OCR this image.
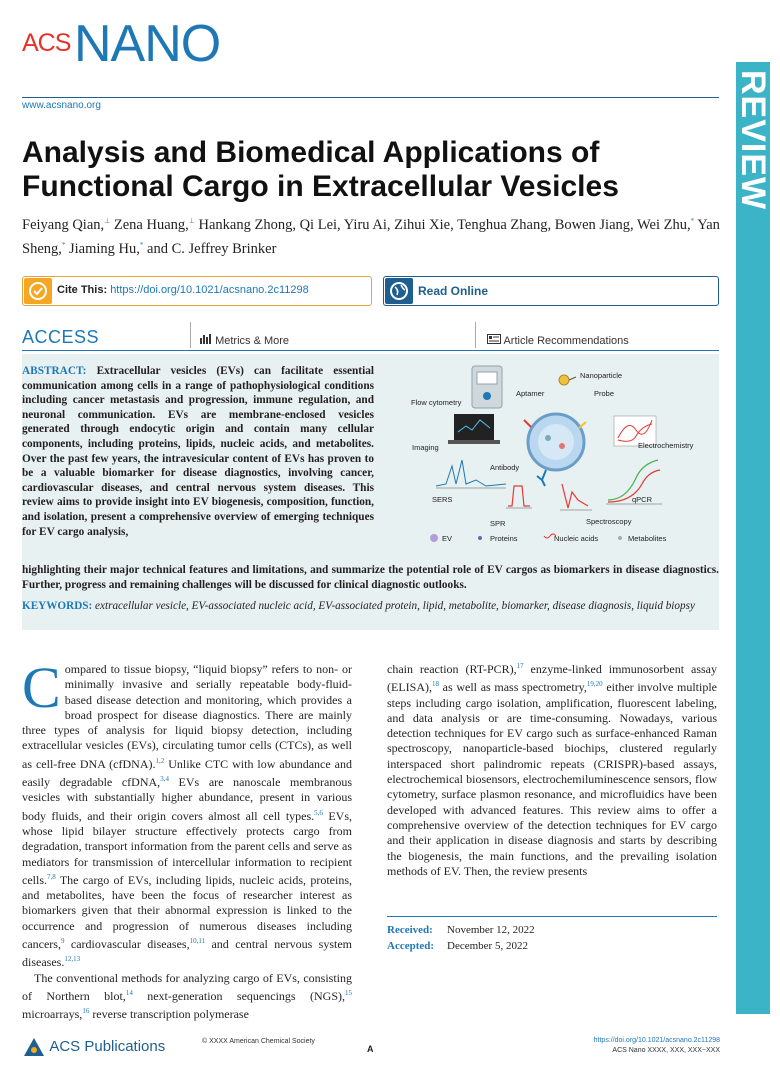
ACS NANO
www.acsnano.org	REVIEW
Analysis and Biomedical Applications of Functional Cargo in Extracellular Vesicles
Feiyang Qian,⊥ Zena Huang,⊥ Hankang Zhong, Qi Lei, Yiru Ai, Zihui Xie, Tenghua Zhang, Bowen Jiang, Wei Zhu,* Yan Sheng,* Jiaming Hu,* and C. Jeffrey Brinker
Cite This: https://doi.org/10.1021/acsnano.2c11298	Read Online
ACCESS	Metrics & More	Article Recommendations
ABSTRACT: Extracellular vesicles (EVs) can facilitate essential communication among cells in a range of pathophysiological conditions including cancer metastasis and progression, immune regulation, and neuronal communication. EVs are membrane-enclosed vesicles generated through endocytic origin and contain many cellular components, including proteins, lipids, nucleic acids, and metabolites. Over the past few years, the intravesicular content of EVs has proven to be a valuable biomarker for disease diagnostics, involving cancer, cardiovascular diseases, and central nervous system diseases. This review aims to provide insight into EV biogenesis, composition, function, and isolation, present a comprehensive overview of emerging techniques for EV cargo analysis,
highlighting their major technical features and limitations, and summarize the potential role of EV cargos as biomarkers in disease diagnostics. Further, progress and remaining challenges will be discussed for clinical diagnostic outlooks.
Flow cytometry
Nanoparticle
Aptamer	Probe
Imaging	Electrochemistry
Antibody
SERS
SPR	Spectroscopy
qPCR
EV	Proteins	Nucleic acids	Metabolites
KEYWORDS: extracellular vesicle, EV-associated nucleic acid, EV-associated protein, lipid, metabolite, biomarker, disease diagnosis, liquid biopsy
Compared to tissue biopsy, “liquid biopsy” refers to non- or minimally invasive and serially repeatable body-fluid-based disease detection and monitoring, which provides a broad prospect for disease diagnostics. There are mainly three types of analysis for liquid biopsy detection, including extracellular vesicles (EVs), circulating tumor cells (CTCs), as well as cell-free DNA (cfDNA).$^{1,2}$ Unlike CTC with low abundance and easily degradable cfDNA,$^{3,4}$ EVs are nanoscale membranous vesicles with substantially higher abundance, present in various body fluids, and their origin covers almost all cell types.$^{5,6}$ EVs, whose lipid bilayer structure effectively protects cargo from degradation, transport information from the parent cells and serve as mediators for transmission of intercellular information to recipient cells.$^{7,8}$ The cargo of EVs, including lipids, nucleic acids, proteins, and metabolites, have been the focus of researcher interest as biomarkers given that their abnormal expression is linked to the occurrence and progression of numerous diseases including cancers,$^9$ cardiovascular diseases,$^{10,11}$ and central nervous system diseases.$^{12,13}$
The conventional methods for analyzing cargo of EVs, consisting of Northern blot,$^{14}$ next-generation sequencings (NGS),$^{15}$ microarrays,$^{16}$ reverse transcription polymerase
chain reaction (RT-PCR),$^{17}$ enzyme-linked immunosorbent assay (ELISA),$^{18}$ as well as mass spectrometry,$^{19,20}$ either involve multiple steps including cargo isolation, amplification, fluorescent labeling, and data analysis or are time-consuming. Nowadays, various detection techniques for EV cargo such as surface-enhanced Raman spectroscopy, nanoparticle-based biochips, clustered regularly interspaced short palindromic repeats (CRISPR)-based assays, electrochemical biosensors, electrochemiluminescence sensors, flow cytometry, surface plasmon resonance, and microfluidics have been developed with advanced features. This review aims to offer a comprehensive overview of the detection techniques for EV cargo and their application in disease diagnosis and starts by describing the biogenesis, the main functions, and the prevailing isolation methods of EV. Then, the review presents
Received: November 12, 2022
Accepted: December 5, 2022
ACS Publications	© XXXX American Chemical Society
A
https://doi.org/10.1021/acsnano.2c11298
ACS Nano XXXX, XXX, XXX−XXX
